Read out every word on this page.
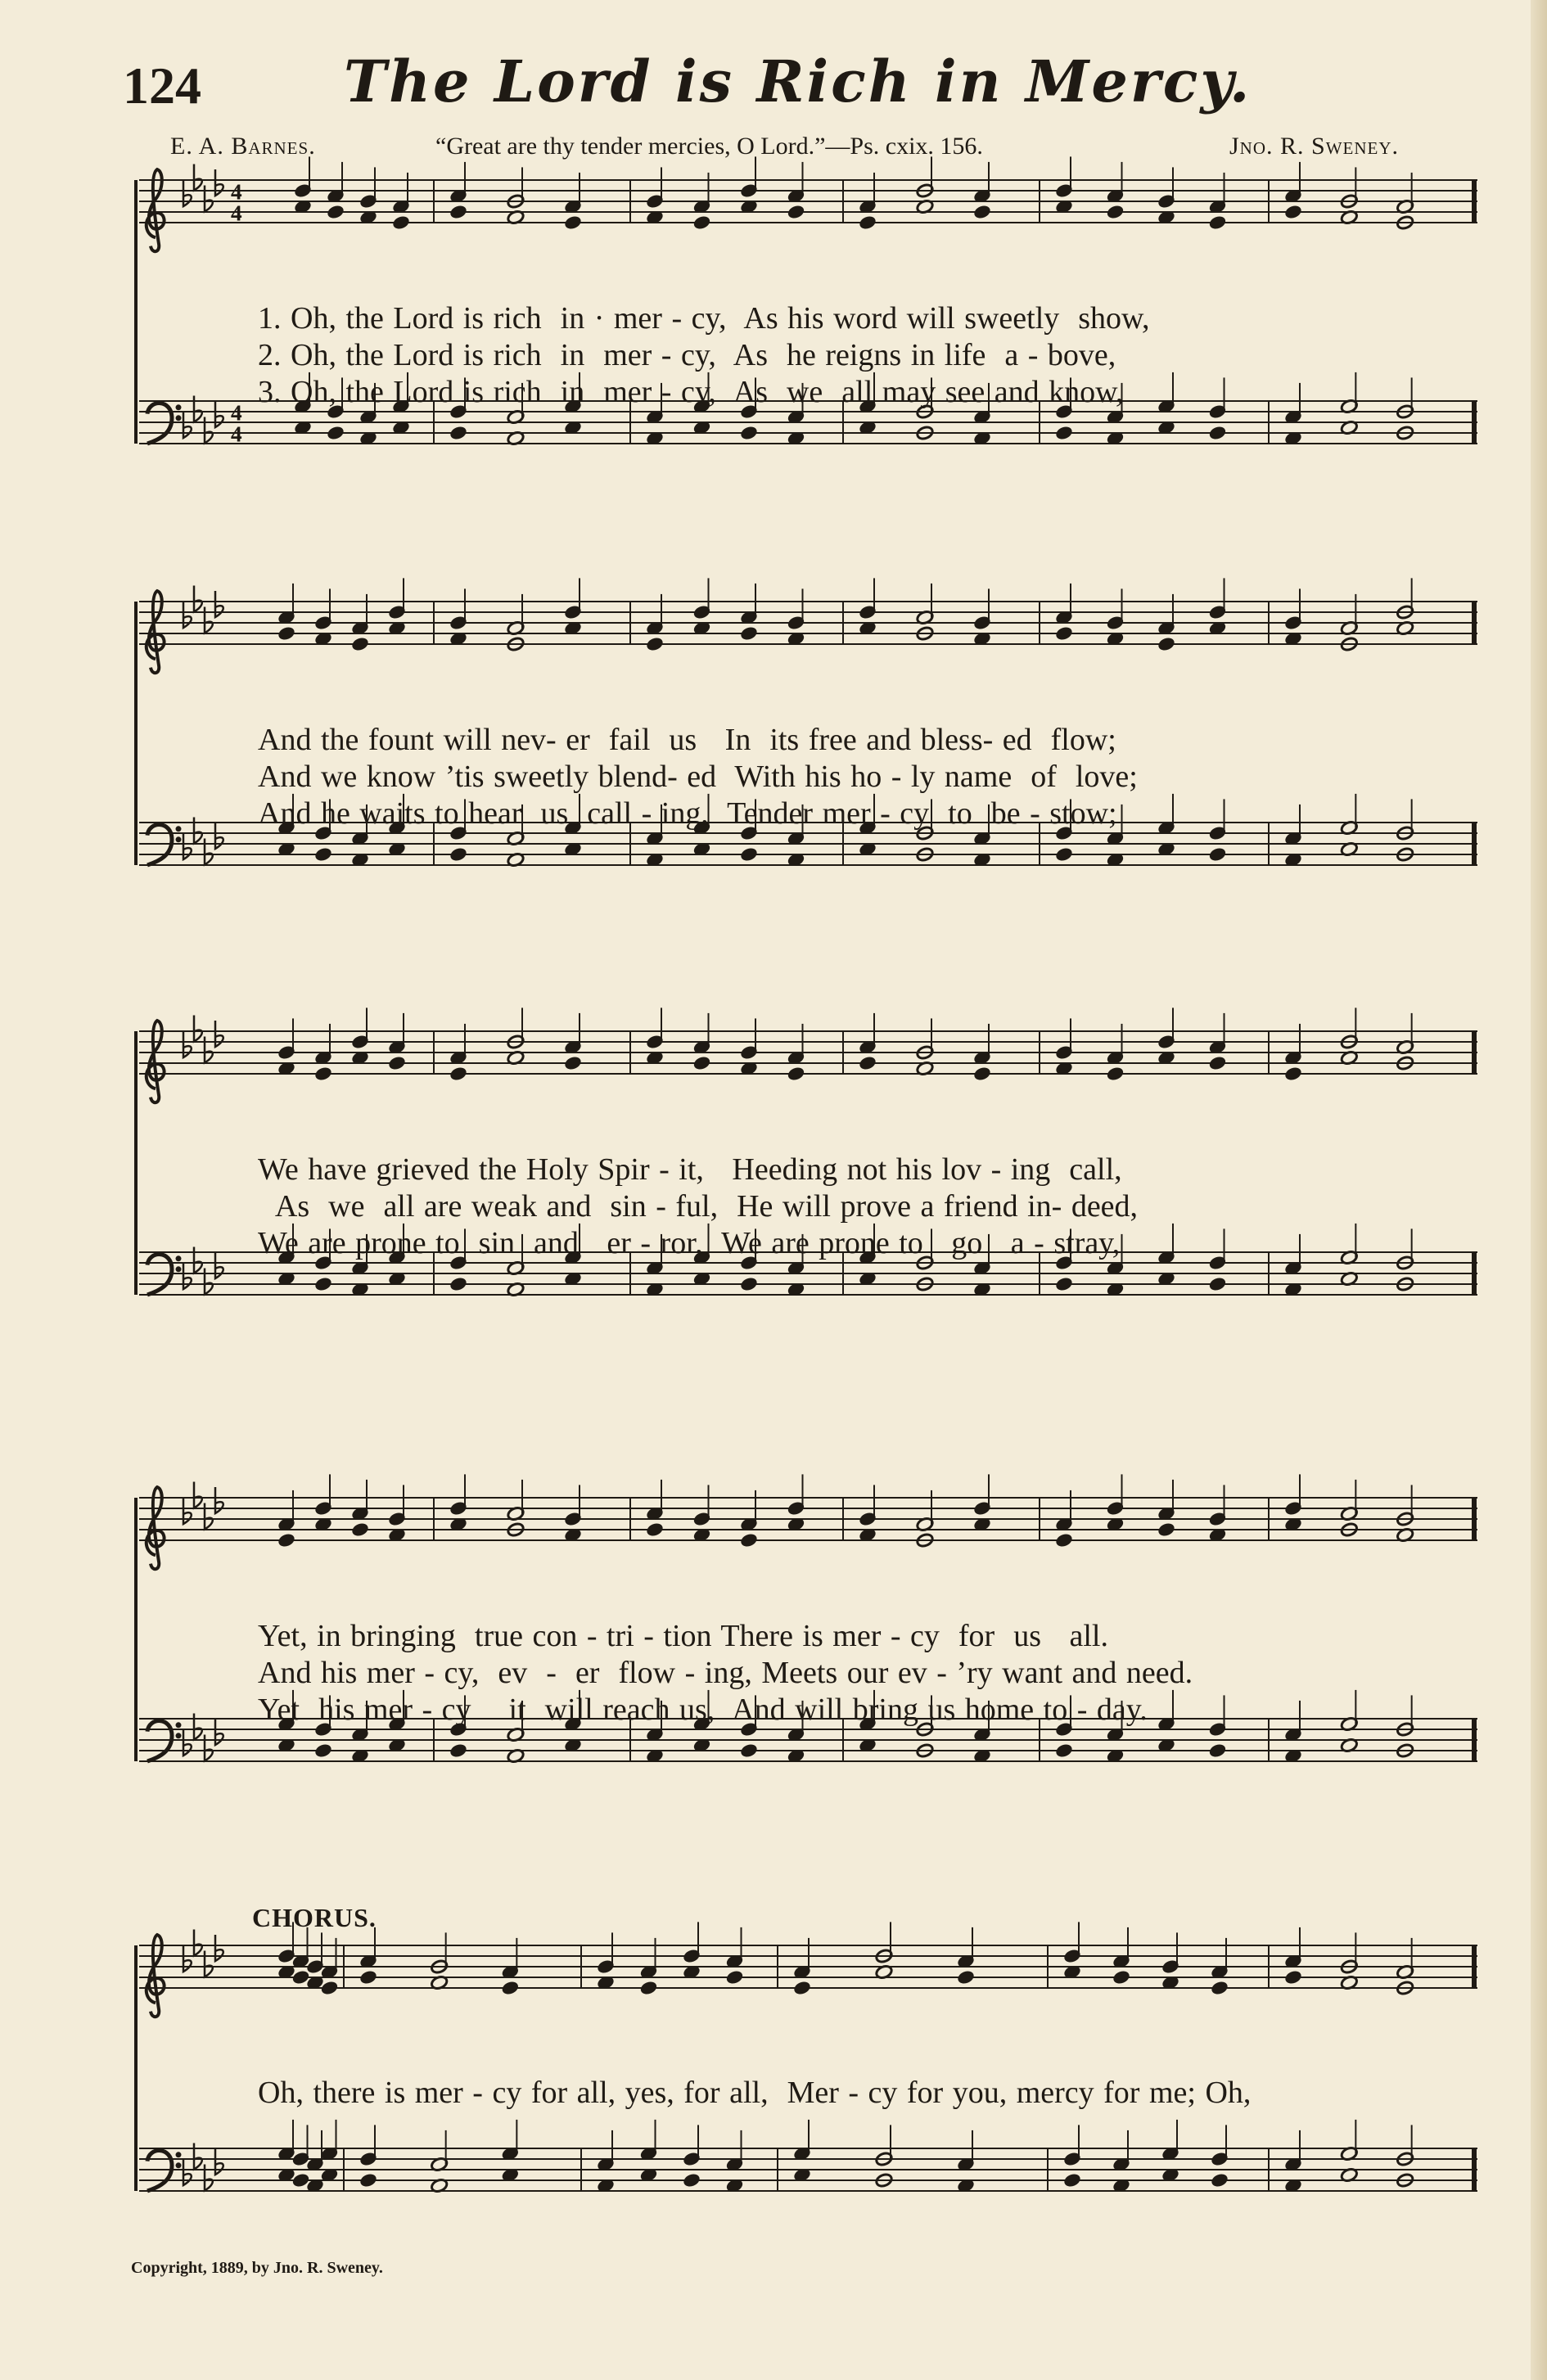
124 The Lord is Rich in Mercy.
E. A. Barnes.	“Great are thy tender mercies, O Lord.”—Ps. cxix. 156.	Jno. R. Sweney.
4
4
4
4
1. Oh, the Lord is rich  in · mer - cy,  As his word will sweetly  show,
2. Oh, the Lord is rich  in  mer - cy,  As  he reigns in life  a - bove,
3. Oh, the Lord is rich  in  mer - cy,  As  we  all may see and know,
And the fount will nev- er  fail  us   In  its free and bless- ed  flow;
And we know ’tis sweetly blend- ed  With his ho - ly name  of  love;
And he waits to hear  us  call - ing,  Tender mer - cy  to  be - stow;
We have grieved the Holy Spir - it,   Heeding not his lov - ing  call,
As  we  all are weak and  sin - ful,  He will prove a friend in- deed,
We are prone to  sin  and   er - ror,  We are prone to   go   a - stray,
Yet, in bringing  true con - tri - tion There is mer - cy  for  us   all.
And his mer - cy,  ev  -  er  flow - ing, Meets our ev - ’ry want and need.
Yet  his mer - cy    it  will reach us,  And will bring us home to - day.
CHORUS.
Oh, there is mer - cy for all, yes, for all,  Mer - cy for you, mercy for me; Oh,
Copyright, 1889, by Jno. R. Sweney.
